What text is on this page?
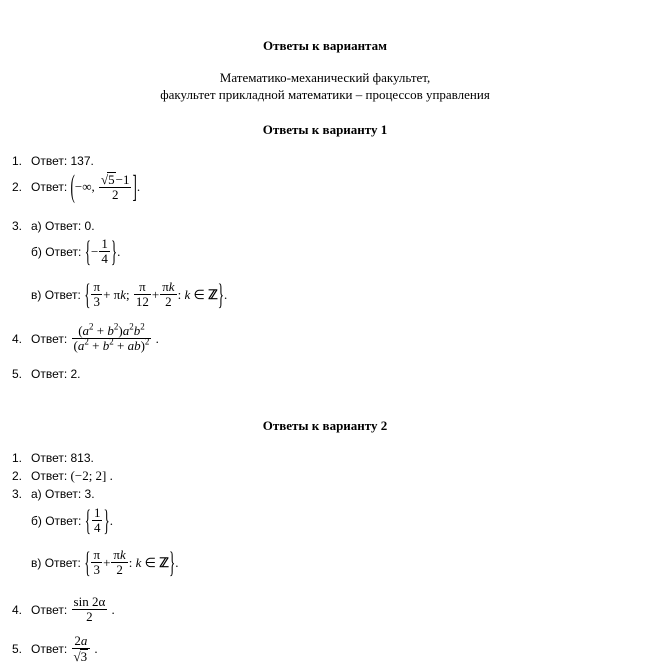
Ответы к вариантам
Математико-механический факультет,
факультет прикладной математики – процессов управления
Ответы к варианту 1
1. Ответ: 137.
2. Ответ:
( −∞, $\frac{√5-1}{2}$ ] .
3. а) Ответ: 0.
б) Ответ:
{ − $\frac{1}{4}$ } .
в) Ответ:
{ $\frac{\pi}{3} + \pi$ k ; $\frac{\pi}{12} + \frac{\pi k}{2}$ : k ∈ ℤ } .
4. Ответ:
$\frac{(a^2 + b^2)a^2b^2}{(a^2 + b^2 + ab)^2}$ .
5. Ответ: 2.
Ответы к варианту 2
1. Ответ: 813.
2. Ответ: (−2; 2] .
3. а) Ответ: 3.
б) Ответ:
{ $\frac{1}{4}$ } .
в) Ответ:
{ $\frac{\pi}{3} + \frac{\pi k}{2}$ : k ∈ ℤ } .
4. Ответ:
$\frac{\sin 2\alpha}{2}$ .
5. Ответ:
$\frac{2a}{√3}$ .
